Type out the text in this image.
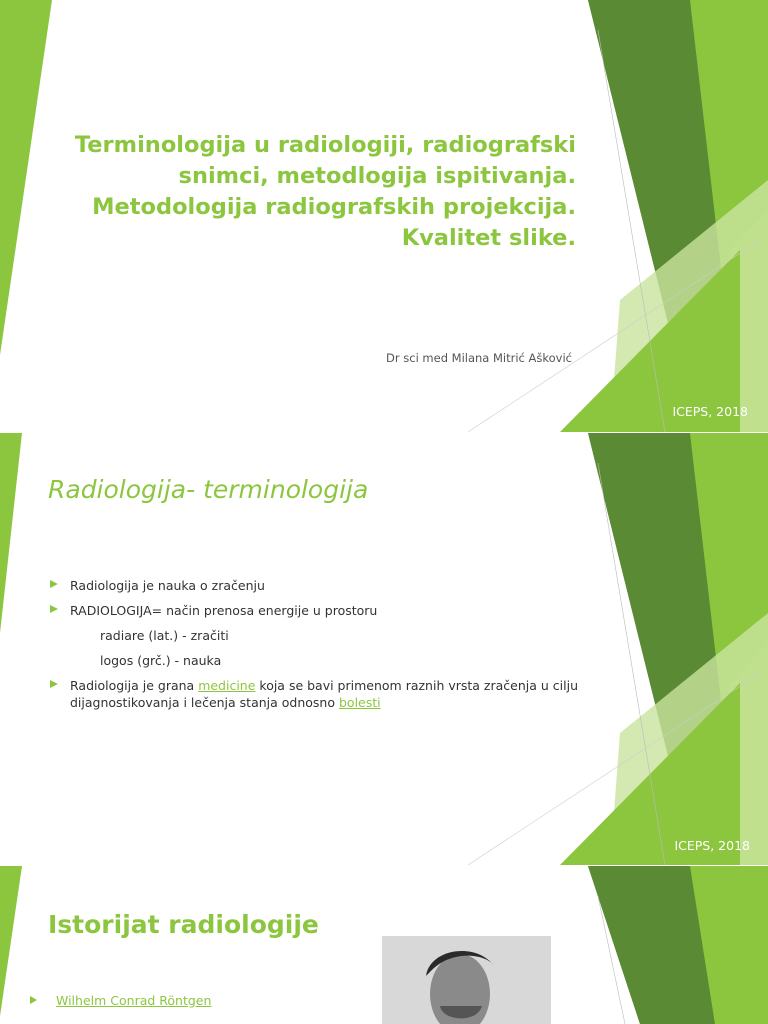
Terminologija u radiologiji, radiografski
snimci, metodlogija ispitivanja.
Metodologija radiografskih projekcija.
Kvalitet slike.
Dr sci med Milana Mitrić Ašković
ICEPS, 2018
Radiologija- terminologija

Radiologija je nauka o zračenju

RADIOLOGIJA= način prenosa energije u prostoru

radiare (lat.) - zračiti

logos (grč.) - nauka

Radiologija je grana medicine koja se bavi primenom raznih vrsta zračenja u cilju dijagnostikovanja i lečenja stanja odnosno bolesti

ICEPS, 2018
Istorijat radiologije
Wilhelm Conrad Röntgen
